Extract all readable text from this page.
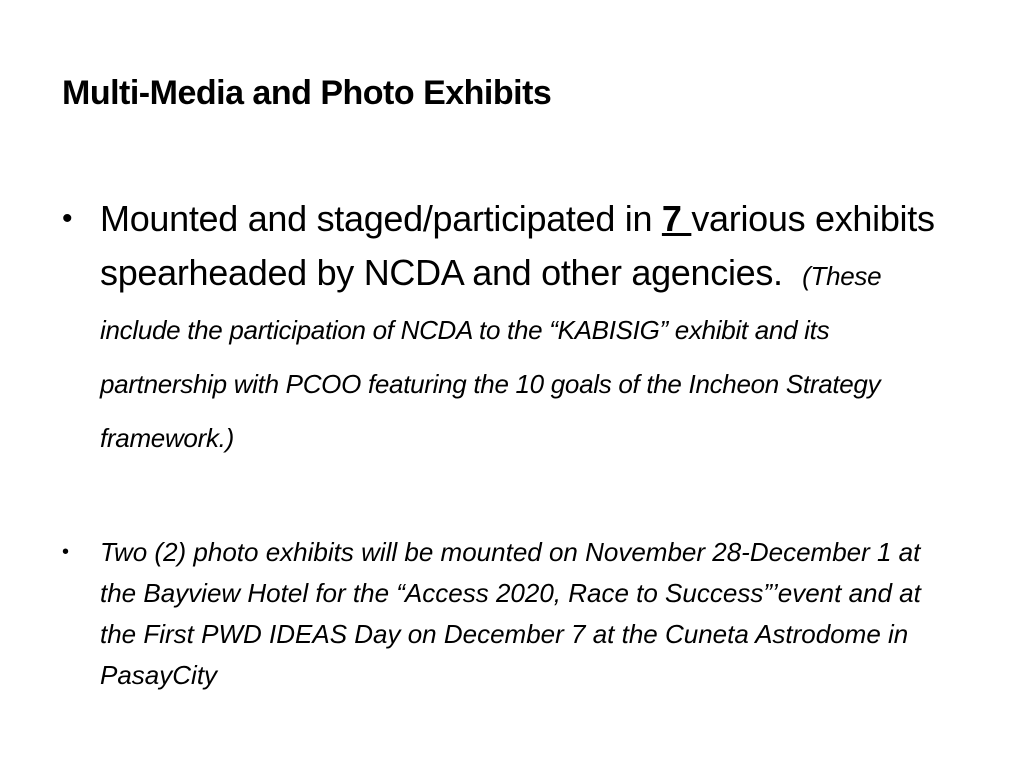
Multi-Media and Photo Exhibits
• Mounted and staged/participated in 7 various exhibits spearheaded by NCDA and other agencies. (These include the participation of NCDA to the “KABISIG” exhibit and its partnership with PCOO featuring the 10 goals of the Incheon Strategy framework.)
• Two (2) photo exhibits will be mounted on November 28-December 1 at the Bayview Hotel for the “Access 2020, Race to Success”’event and at the First PWD IDEAS Day on December 7 at the Cuneta Astrodome in PasayCity
